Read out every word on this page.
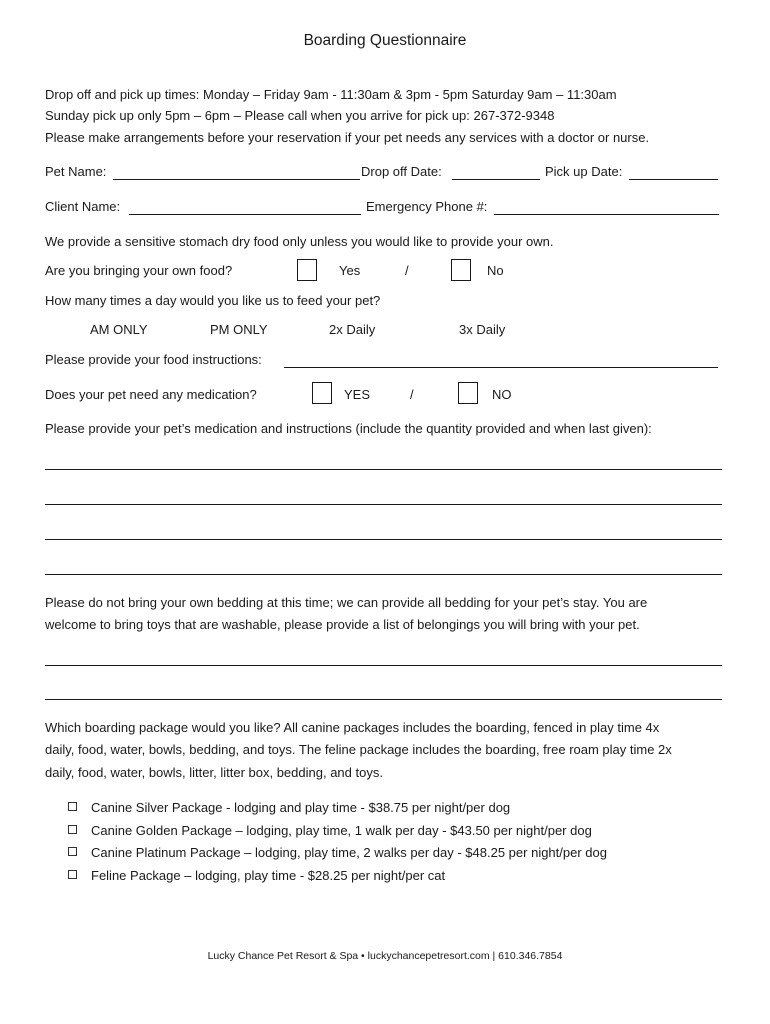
Boarding Questionnaire
Drop off and pick up times: Monday – Friday 9am - 11:30am & 3pm - 5pm Saturday 9am – 11:30am
Sunday pick up only 5pm – 6pm – Please call when you arrive for pick up: 267-372-9348
Please make arrangements before your reservation if your pet needs any services with a doctor or nurse.
Pet Name:	Drop off Date:	Pick up Date:
Client Name:	Emergency Phone #:
We provide a sensitive stomach dry food only unless you would like to provide your own.
Are you bringing your own food?	Yes	/	No
How many times a day would you like us to feed your pet?
AM ONLY	PM ONLY	2x Daily	3x Daily
Please provide your food instructions:
Does your pet need any medication?	YES	/	NO
Please provide your pet’s medication and instructions (include the quantity provided and when last given):
Please do not bring your own bedding at this time; we can provide all bedding for your pet’s stay. You are
welcome to bring toys that are washable, please provide a list of belongings you will bring with your pet.
Which boarding package would you like? All canine packages includes the boarding, fenced in play time 4x
daily, food, water, bowls, bedding, and toys. The feline package includes the boarding, free roam play time 2x
daily, food, water, bowls, litter, litter box, bedding, and toys.
Canine Silver Package - lodging and play time - $38.75 per night/per dog
Canine Golden Package – lodging, play time, 1 walk per day - $43.50 per night/per dog
Canine Platinum Package – lodging, play time, 2 walks per day - $48.25 per night/per dog
Feline Package – lodging, play time - $28.25 per night/per cat
Lucky Chance Pet Resort & Spa • luckychancepetresort.com | 610.346.7854
